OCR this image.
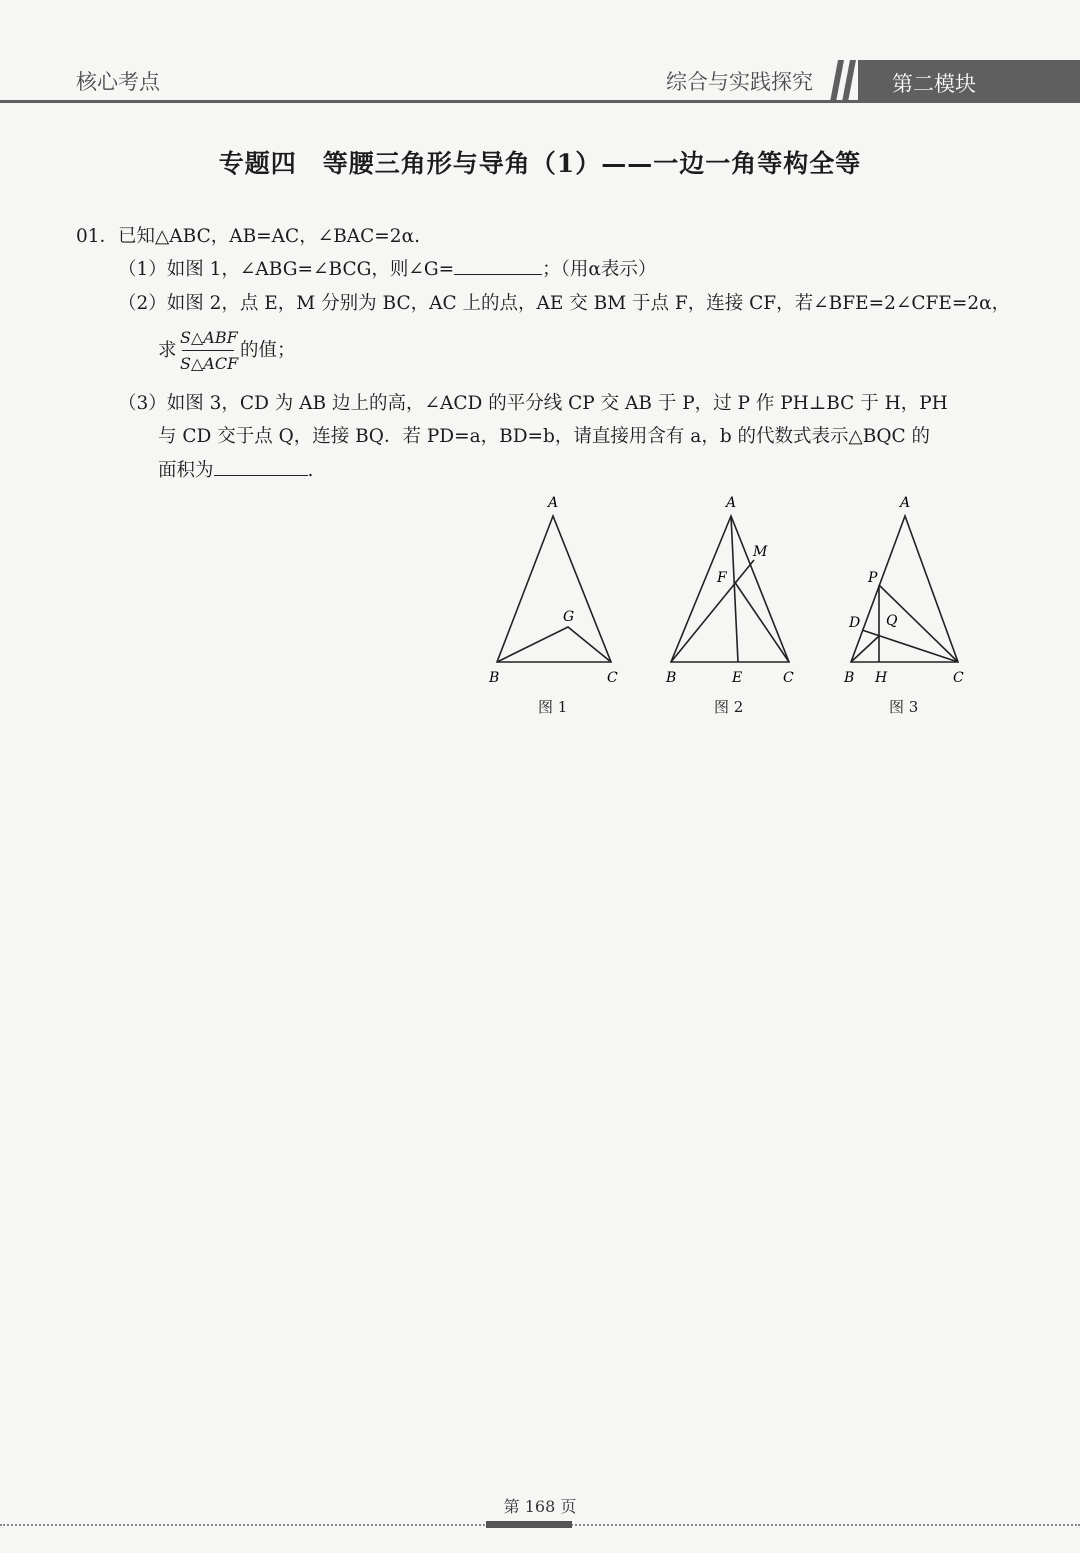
核心考点	综合与实践探究	第二模块
专题四　等腰三角形与导角（1）——一边一角等构全等
01．已知△ABC，AB=AC，∠BAC=2α.
（1）如图 1，∠ABG=∠BCG，则∠G=	；（用α表示）
（2）如图 2，点 E，M 分别为 BC，AC 上的点，AE 交 BM 于点 F，连接 CF，若∠BFE=2∠CFE=2α，
求
S△ABF
S△ACF
的值；
（3）如图 3，CD 为 AB 边上的高，∠ACD 的平分线 CP 交 AB 于 P，过 P 作 PH⊥BC 于 H，PH
与 CD 交于点 Q，连接 BQ．若 PD=a，BD=b，请直接用含有 a，b 的代数式表示△BQC 的
面积为	.
A
B	C
G
A
B	C
E
F
M
A
B	C
H
D
P
Q
图 1	图 2	图 3
第 168 页
